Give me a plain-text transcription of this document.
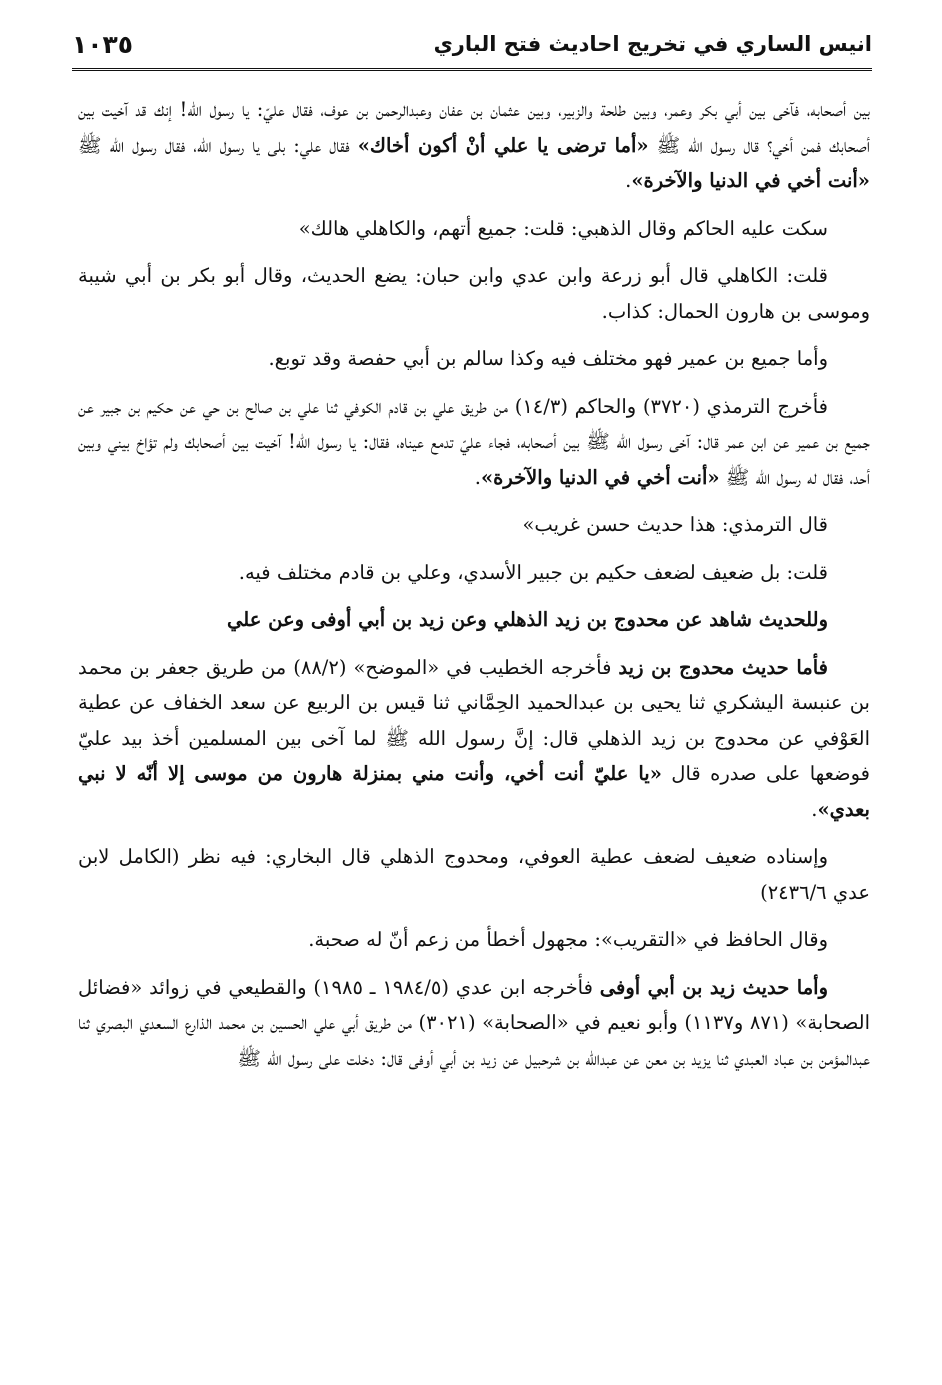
انيس الساري في تخريج احاديث فتح الباري
١٠٣٥

بين أصحابه، فآخى بين أبي بكر وعمر، وبين طلحة والزبير، وبين عثمان بن عفان وعبدالرحمن بن عوف، فقال عليّ: يا رسول الله! إنك قد آخيت بين أصحابك فمن أخي؟ قال رسول الله ﷺ «أما ترضى يا علي أنْ أكون أخاك» فقال علي: بلى يا رسول الله، فقال رسول الله ﷺ «أنت أخي في الدنيا والآخرة».

سكت عليه الحاكم وقال الذهبي: قلت: جميع أتهم، والكاهلي هالك»

قلت: الكاهلي قال أبو زرعة وابن عدي وابن حبان: يضع الحديث، وقال أبو بكر بن أبي شيبة وموسى بن هارون الحمال: كذاب.

وأما جميع بن عمير فهو مختلف فيه وكذا سالم بن أبي حفصة وقد توبع.

فأخرج الترمذي (٣٧٢٠) والحاكم (١٤/٣) من طريق علي بن قادم الكوفي ثنا علي بن صالح بن حي عن حكيم بن جبير عن جميع بن عمير عن ابن عمر قال: آخى رسول الله ﷺ بين أصحابه، فجاء عليّ تدمع عيناه، فقال: يا رسول الله! آخيت بين أصحابك ولم تؤاخ بيني وبين أحد، فقال له رسول الله ﷺ «أنت أخي في الدنيا والآخرة».

قال الترمذي: هذا حديث حسن غريب»

قلت: بل ضعيف لضعف حكيم بن جبير الأسدي، وعلي بن قادم مختلف فيه.

وللحديث شاهد عن محدوج بن زيد الذهلي وعن زيد بن أبي أوفى وعن علي

فأما حديث محدوج بن زيد فأخرجه الخطيب في «الموضح» (٨٨/٢) من طريق جعفر بن محمد بن عنبسة اليشكري ثنا يحيى بن عبدالحميد الحِمَّاني ثنا قيس بن الربيع عن سعد الخفاف عن عطية العَوْفي عن محدوج بن زيد الذهلي قال: إنَّ رسول الله ﷺ لما آخى بين المسلمين أخذ بيد عليّ فوضعها على صدره قال «يا عليّ أنت أخي، وأنت مني بمنزلة هارون من موسى إلا أنّه لا نبي بعدي».

وإسناده ضعيف لضعف عطية العوفي، ومحدوج الذهلي قال البخاري: فيه نظر (الكامل لابن عدي ٢٤٣٦/٦)

وقال الحافظ في «التقريب»: مجهول أخطأ من زعم أنّ له صحبة.

وأما حديث زيد بن أبي أوفى فأخرجه ابن عدي (١٩٨٤/٥ ـ ١٩٨٥) والقطيعي في زوائد «فضائل الصحابة» (٨٧١ و١١٣٧) وأبو نعيم في «الصحابة» (٣٠٢١) من طريق أبي علي الحسين بن محمد الذارع السعدي البصري ثنا عبدالمؤمن بن عباد العبدي ثنا يزيد بن معن عن عبدالله بن شرحبيل عن زيد بن أبي أوفى قال: دخلت على رسول الله ﷺ
